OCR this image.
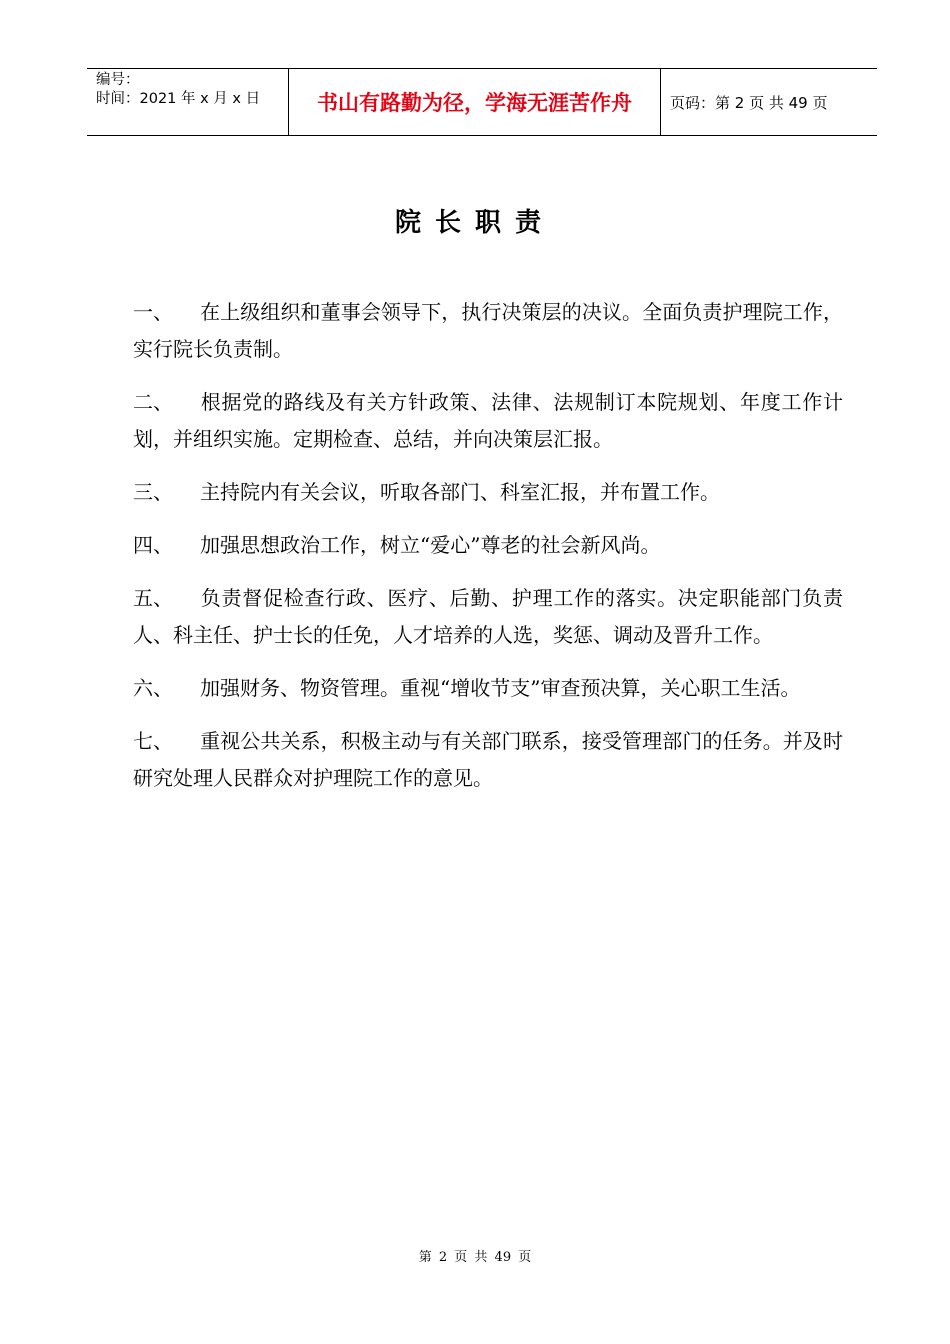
编号：
时间：2021 年 x 月 x 日	书山有路勤为径，学海无涯苦作舟	页码：第 2 页 共 49 页
院长职责

一、 在上级组织和董事会领导下，执行决策层的决议。全面负责护理院工作，实行院长负责制。

二、 根据党的路线及有关方针政策、法律、法规制订本院规划、年度工作计划，并组织实施。定期检查、总结，并向决策层汇报。

三、 主持院内有关会议，听取各部门、科室汇报，并布置工作。

四、 加强思想政治工作，树立“爱心”尊老的社会新风尚。

五、 负责督促检查行政、医疗、后勤、护理工作的落实。决定职能部门负责人、科主任、护士长的任免，人才培养的人选，奖惩、调动及晋升工作。

六、 加强财务、物资管理。重视“增收节支”审查预决算，关心职工生活。

七、 重视公共关系，积极主动与有关部门联系，接受管理部门的任务。并及时研究处理人民群众对护理院工作的意见。

第 2 页 共 49 页
